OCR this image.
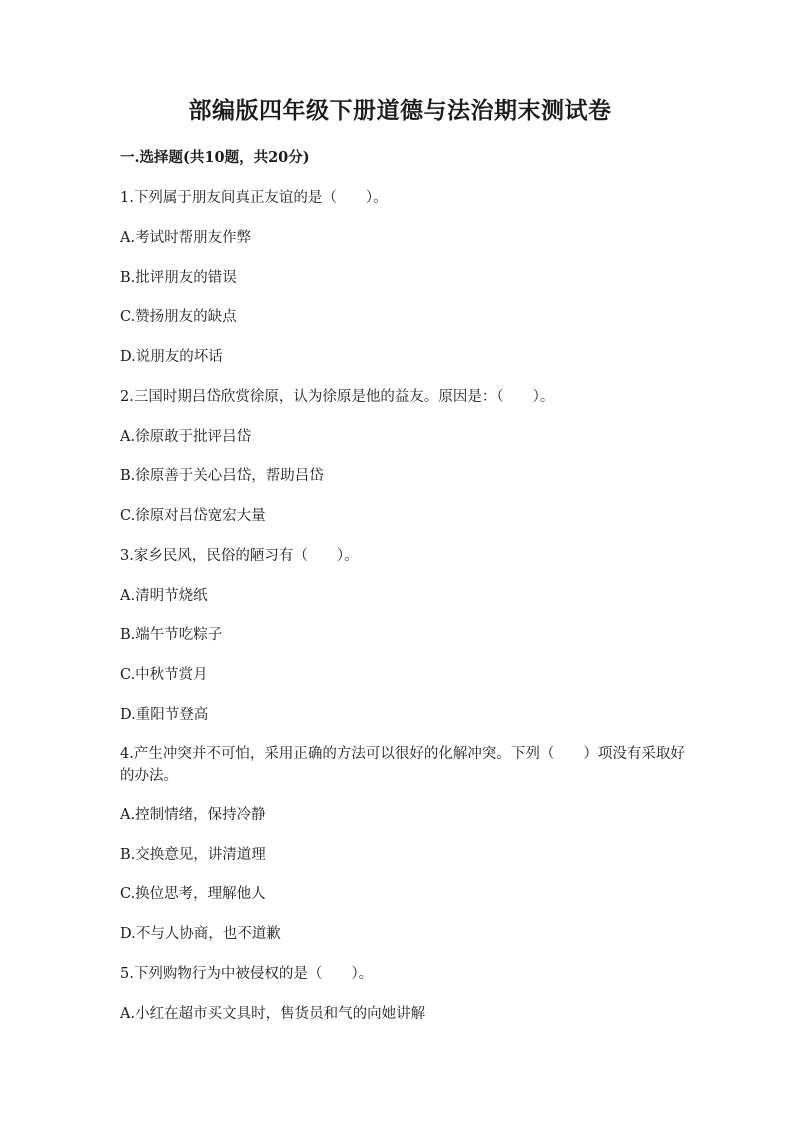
部编版四年级下册道德与法治期末测试卷
一.选择题(共10题，共20分)
1.下列属于朋友间真正友谊的是（　　）。
A.考试时帮朋友作弊
B.批评朋友的错误
C.赞扬朋友的缺点
D.说朋友的坏话
2.三国时期吕岱欣赏徐原，认为徐原是他的益友。原因是：（　　）。
A.徐原敢于批评吕岱
B.徐原善于关心吕岱，帮助吕岱
C.徐原对吕岱宽宏大量
3.家乡民风，民俗的陋习有（　　）。
A.清明节烧纸
B.端午节吃粽子
C.中秋节赏月
D.重阳节登高
4.产生冲突并不可怕，采用正确的方法可以很好的化解冲突。下列（　　）项没有采取好的办法。
A.控制情绪，保持冷静
B.交换意见，讲清道理
C.换位思考，理解他人
D.不与人协商，也不道歉
5.下列购物行为中被侵权的是（　　）。
A.小红在超市买文具时，售货员和气的向她讲解
